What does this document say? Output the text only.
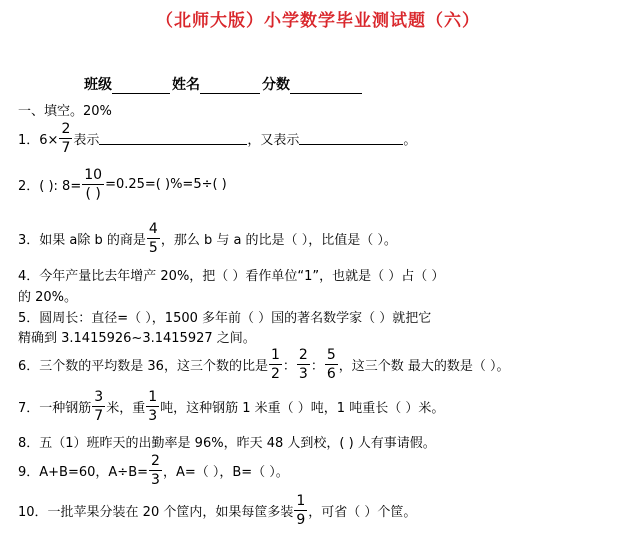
（北师大版）小学数学毕业测试题（六）
班级	姓名	分数
一、填空。20%
1．$6\times \frac{2}{7}$ 表示	，又表示	。
2．( ): $8= \frac{10}{( )} =0.25=$( )%=5÷( )
3．如果 a除 b 的商是 $\frac{4}{5}$ ，那么 b 与 a 的比是（ ），比值是（ ）。
4．今年产量比去年增产 20%，把（ ）看作单位“1”，也就是（ ）占（ ）
的 20%。
5．圆周长：直径=（ ），1500 多年前（ ）国的著名数学家（ ）就把它
精确到 3.1415926~3.1415927 之间。
6．三个数的平均数是 36，这三个数的比是 $\frac{1}{2}$ ： $\frac{2}{3}$ ： $\frac{5}{6}$ ，这三个数 最大的数是（ ）。
7．一种钢筋 $\frac{3}{7}$ 米，重 $\frac{1}{3}$ 吨，这种钢筋 1 米重（ ）吨，1 吨重长（ ）米。
8．五（1）班昨天的出勤率是 96%，昨天 48 人到校，( ) 人有事请假。
9．A+B=60，$A\div B= \frac{2}{3}$ ，A=（ ），B=（ ）。
10．一批苹果分装在 20 个筐内，如果每筐多装 $\frac{1}{9}$ ，可省（ ）个筐。
